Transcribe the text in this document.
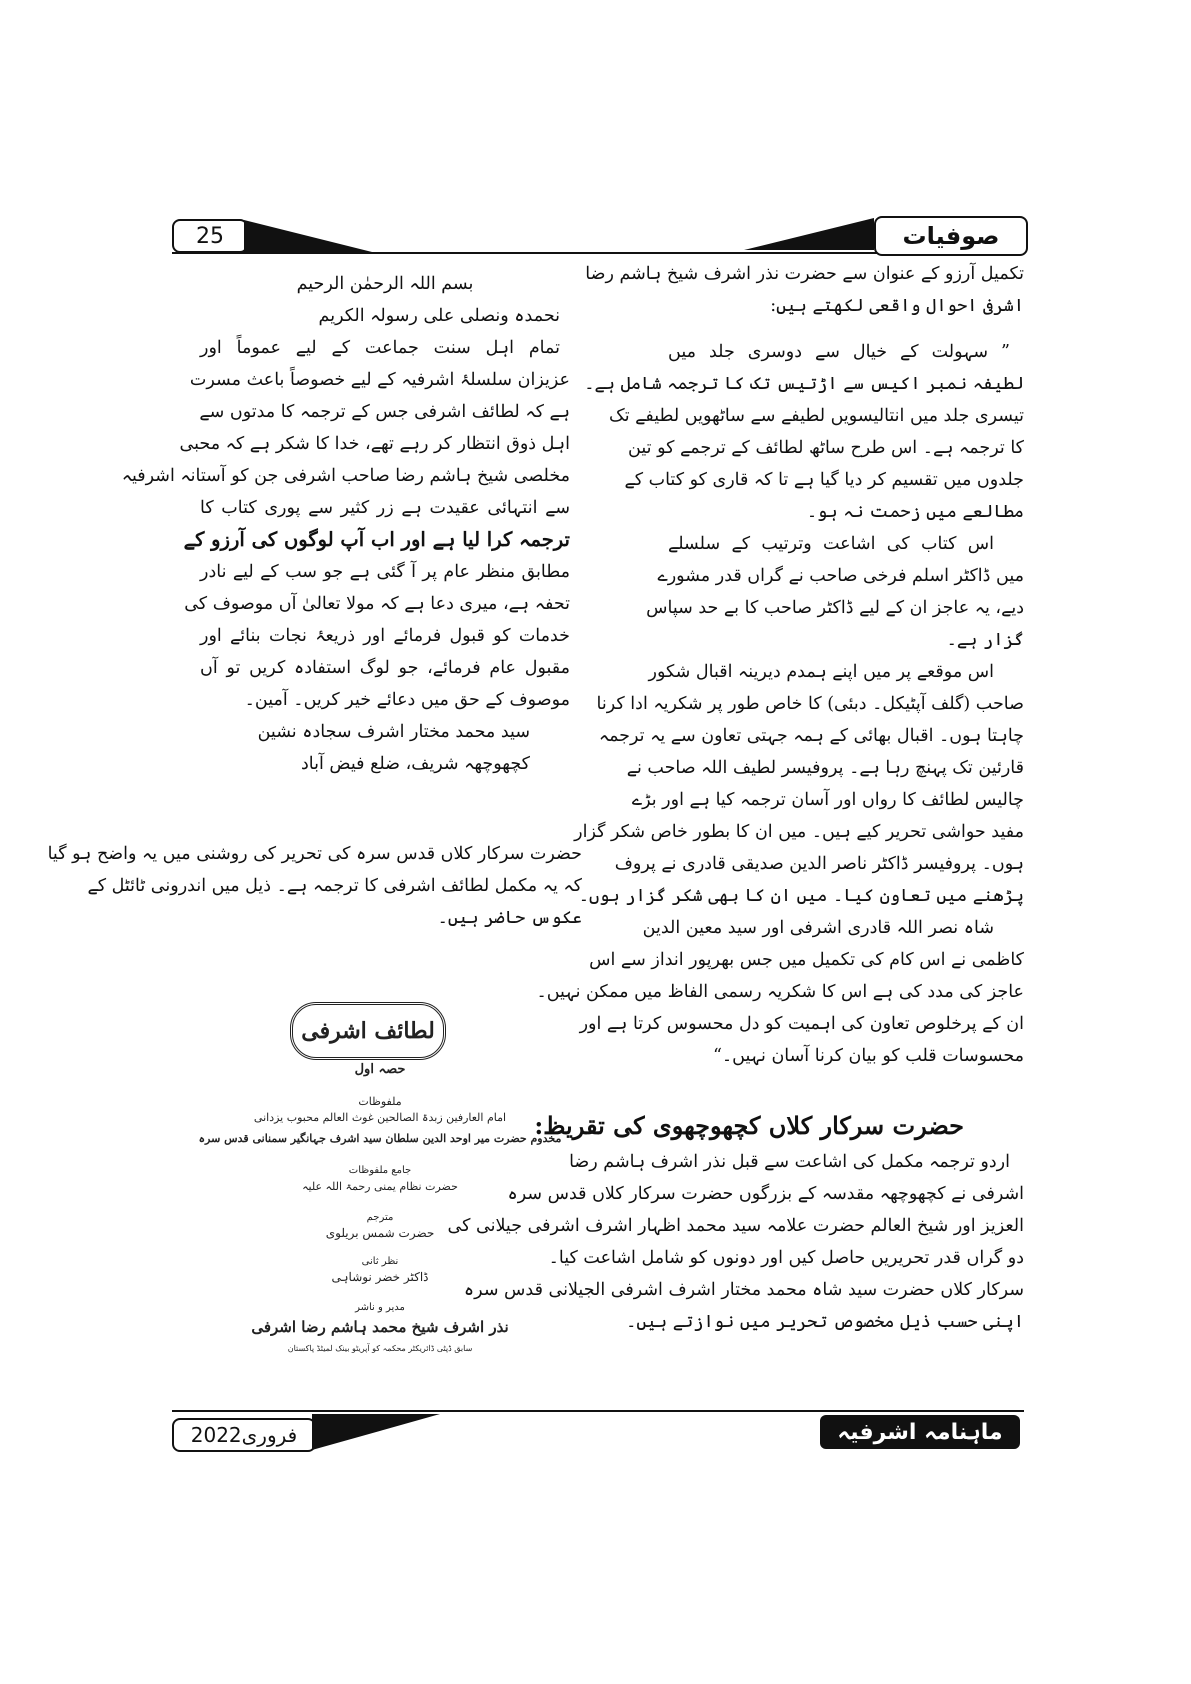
25	صوفیات

تکمیل آرزو کے عنوان سے حضرت نذر اشرف شیخ ہاشم رضا

اشرفی احوال واقعی لکھتے ہیں:

” سہولت کے خیال سے دوسری جلد میں

لطیفہ نمبر اکیس سے اڑتیس تک کا ترجمہ شامل ہے۔

تیسری جلد میں انتالیسویں لطیفے سے ساٹھویں لطیفے تک

کا ترجمہ ہے۔ اس طرح ساٹھ لطائف کے ترجمے کو تین

جلدوں میں تقسیم کر دیا گیا ہے تا کہ قاری کو کتاب کے

مطالعے میں زحمت نہ ہو۔

اس کتاب کی اشاعت وترتیب کے سلسلے

میں ڈاکٹر اسلم فرخی صاحب نے گراں قدر مشورے

دیے، یہ عاجز ان کے لیے ڈاکٹر صاحب کا بے حد سپاس

گزار ہے۔

اس موقعے پر میں اپنے ہمدم دیرینہ اقبال شکور

صاحب (گلف آپٹیکل۔ دبئی) کا خاص طور پر شکریہ ادا کرنا

چاہتا ہوں۔ اقبال بھائی کے ہمہ جہتی تعاون سے یہ ترجمہ

قارئین تک پہنچ رہا ہے۔ پروفیسر لطیف اللہ صاحب نے

چالیس لطائف کا رواں اور آسان ترجمہ کیا ہے اور بڑے

مفید حواشی تحریر کیے ہیں۔ میں ان کا بطور خاص شکر گزار

ہوں۔ پروفیسر ڈاکٹر ناصر الدین صدیقی قادری نے پروف

پڑھنے میں تعاون کیا۔ میں ان کا بھی شکر گزار ہوں۔

شاہ نصر اللہ قادری اشرفی اور سید معین الدین

کاظمی نے اس کام کی تکمیل میں جس بھرپور انداز سے اس

عاجز کی مدد کی ہے اس کا شکریہ رسمی الفاظ میں ممکن نہیں۔

ان کے پرخلوص تعاون کی اہمیت کو دل محسوس کرتا ہے اور

محسوسات قلب کو بیان کرنا آسان نہیں۔“

حضرت سرکار کلاں کچھوچھوی کی تقریظ:

اردو ترجمہ مکمل کی اشاعت سے قبل نذر اشرف ہاشم رضا

اشرفی نے کچھوچھہ مقدسہ کے بزرگوں حضرت سرکار کلاں قدس سرہ

العزیز اور شیخ العالم حضرت علامہ سید محمد اظہار اشرف اشرفی جیلانی کی

دو گراں قدر تحریریں حاصل کیں اور دونوں کو شامل اشاعت کیا۔

سرکار کلاں حضرت سید شاہ محمد مختار اشرف اشرفی الجیلانی قدس سرہ

اپنی حسب ذیل مخصوص تحریر میں نوازتے ہیں۔

بسم اللہ الرحمٰن الرحیم

نحمدہ ونصلی علی رسولہ الکریم

تمام اہل سنت جماعت کے لیے عموماً اور

عزیزان سلسلۂ اشرفیہ کے لیے خصوصاً باعث مسرت

ہے کہ لطائف اشرفی جس کے ترجمہ کا مدتوں سے

اہل ذوق انتظار کر رہے تھے، خدا کا شکر ہے کہ محبی

مخلصی شیخ ہاشم رضا صاحب اشرفی جن کو آستانہ اشرفیہ

سے انتہائی عقیدت ہے زر کثیر سے پوری کتاب کا

ترجمہ کرا لیا ہے اور اب آپ لوگوں کی آرزو کے

مطابق منظر عام پر آ گئی ہے جو سب کے لیے نادر

تحفہ ہے، میری دعا ہے کہ مولا تعالیٰ آں موصوف کی

خدمات کو قبول فرمائے اور ذریعۂ نجات بنائے اور

مقبول عام فرمائے، جو لوگ استفادہ کریں تو آں

موصوف کے حق میں دعائے خیر کریں۔ آمین۔

سید محمد مختار اشرف سجادہ نشین

کچھوچھہ شریف، ضلع فیض آباد

حضرت سرکار کلاں قدس سرہ کی تحریر کی روشنی میں یہ واضح ہو گیا

کہ یہ مکمل لطائف اشرفی کا ترجمہ ہے۔ ذیل میں اندرونی ٹائٹل کے

عکوس حاضر ہیں۔

لطائف اشرفی
حصہ اول
ملفوظات
امام العارفین زبدۃ الصالحین غوث العالم محبوب یزدانی
مخدوم حضرت میر اوحد الدین سلطان سید اشرف جہانگیر سمنانی قدس سرہ
جامع ملفوظات
حضرت نظام یمنی رحمۃ اللہ علیہ
مترجم
حضرت شمس بریلوی
نظر ثانی
ڈاکٹر خضر نوشاہی
مدیر و ناشر
نذر اشرف شیخ محمد ہاشم رضا اشرفی
سابق ڈپٹی ڈائریکٹر محکمہ کو آپریٹو بینک لمیٹڈ پاکستان
فروری2022	ماہنامہ اشرفیہ
